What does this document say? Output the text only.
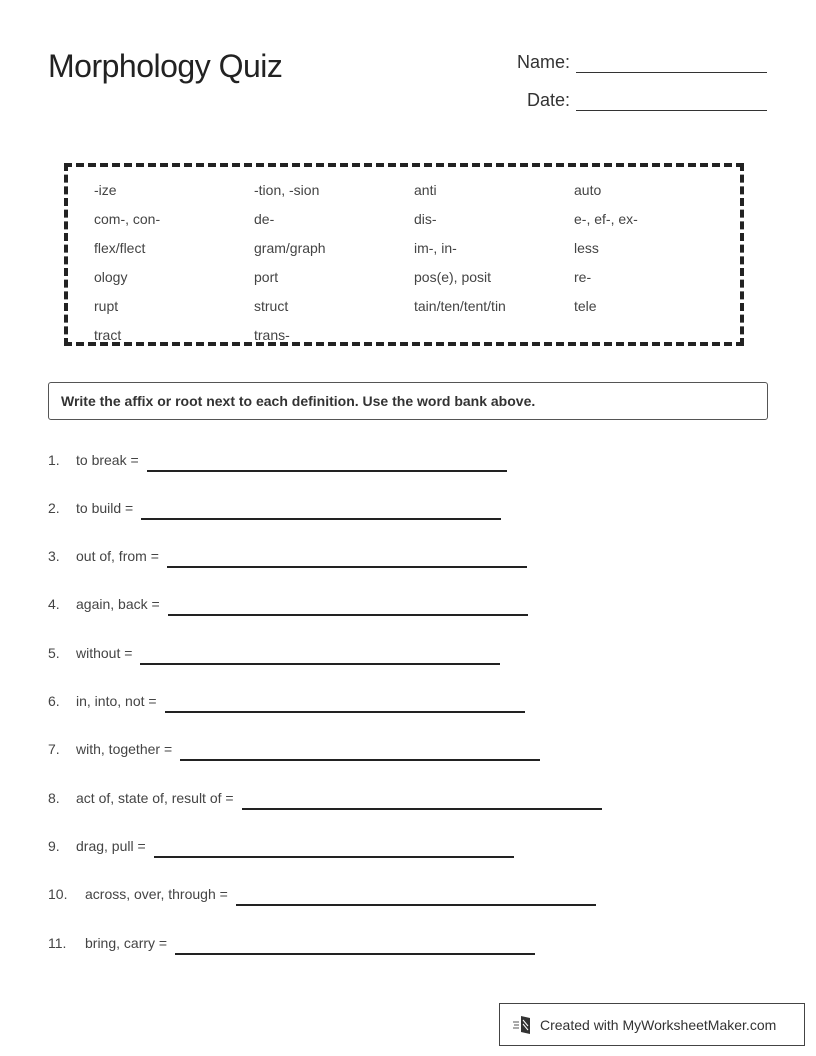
Morphology Quiz	Name:
Date:
-ize	-tion, -sion	anti	auto
com-, con-	de-	dis-	e-, ef-, ex-
flex/flect	gram/graph	im-, in-	less
ology	port	pos(e), posit	re-
rupt	struct	tain/ten/tent/tin	tele
tract	trans-
Write the affix or root next to each definition. Use the word bank above.
1.	to break =
2.	to build =
3.	out of, from =
4.	again, back =
5.	without =
6.	in, into, not =
7.	with, together =
8.	act of, state of, result of =
9.	drag, pull =
10.	across, over, through =
11.	bring, carry =
Created with MyWorksheetMaker.com
